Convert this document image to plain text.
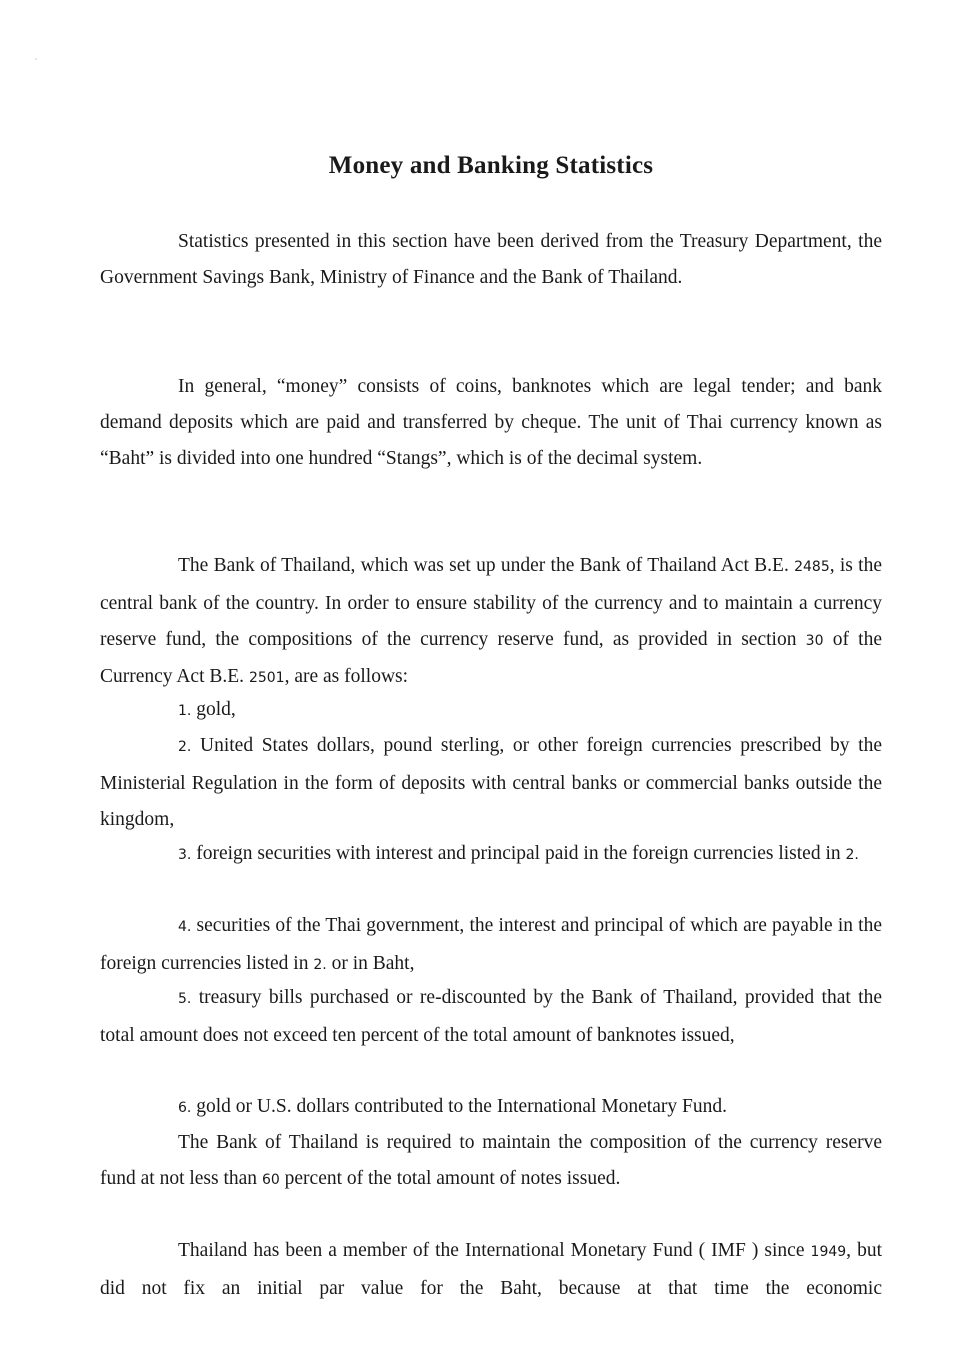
Money and Banking Statistics

Statistics presented in this section have been derived from the Treasury Department, the Government Savings Bank, Ministry of Finance and the Bank of Thailand.

In general, “money” consists of coins, banknotes which are legal tender; and bank demand deposits which are paid and transferred by cheque. The unit of Thai currency known as “Baht” is divided into one hundred “Stangs”, which is of the decimal system.

The Bank of Thailand, which was set up under the Bank of Thailand Act B.E. 2485, is the central bank of the country. In order to ensure stability of the currency and to maintain a currency reserve fund, the compositions of the currency reserve fund, as provided in section 30 of the Currency Act B.E. 2501, are as follows:

1. gold,

2. United States dollars, pound sterling, or other foreign currencies prescribed by the Ministerial Regulation in the form of deposits with central banks or commercial banks outside the kingdom,

3. foreign securities with interest and principal paid in the foreign currencies listed in 2.

4. securities of the Thai government, the interest and principal of which are payable in the foreign currencies listed in 2. or in Baht,

5. treasury bills purchased or re-discounted by the Bank of Thailand, provided that the total amount does not exceed ten percent of the total amount of banknotes issued,

6. gold or U.S. dollars contributed to the International Monetary Fund.

The Bank of Thailand is required to maintain the composition of the currency reserve fund at not less than 60 percent of the total amount of notes issued.

Thailand has been a member of the International Monetary Fund ( IMF ) since 1949, but did not fix an initial par value for the Baht, because at that time the economic
